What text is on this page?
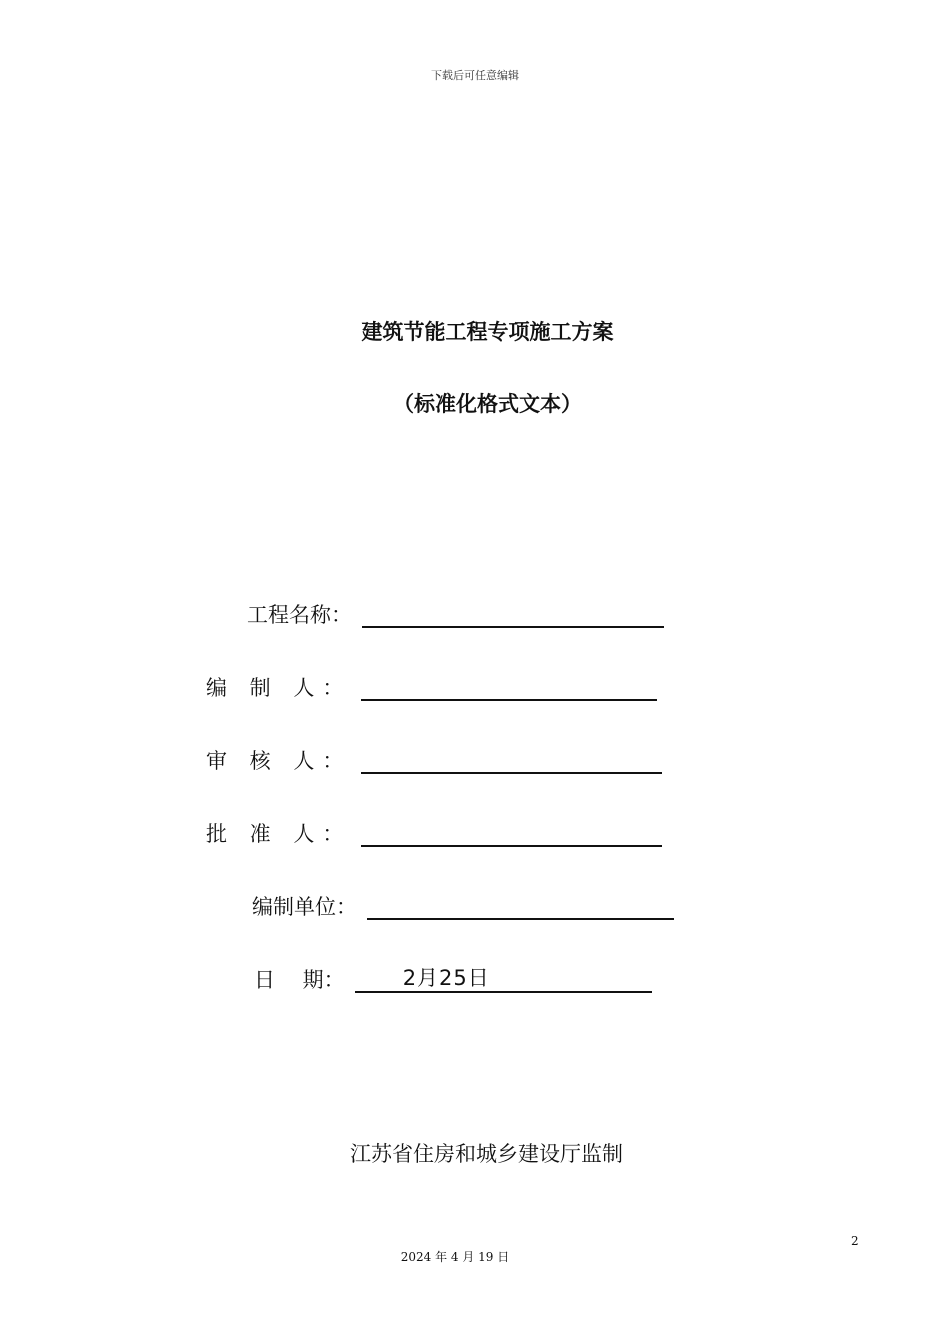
下载后可任意编辑
建筑节能工程专项施工方案
（标准化格式文本）
工程名称：
编 制 人：
审 核 人：
批 准 人：
编制单位：
日　 期：	2月25日
江苏省住房和城乡建设厅监制
2
2024 年 4 月 19 日
